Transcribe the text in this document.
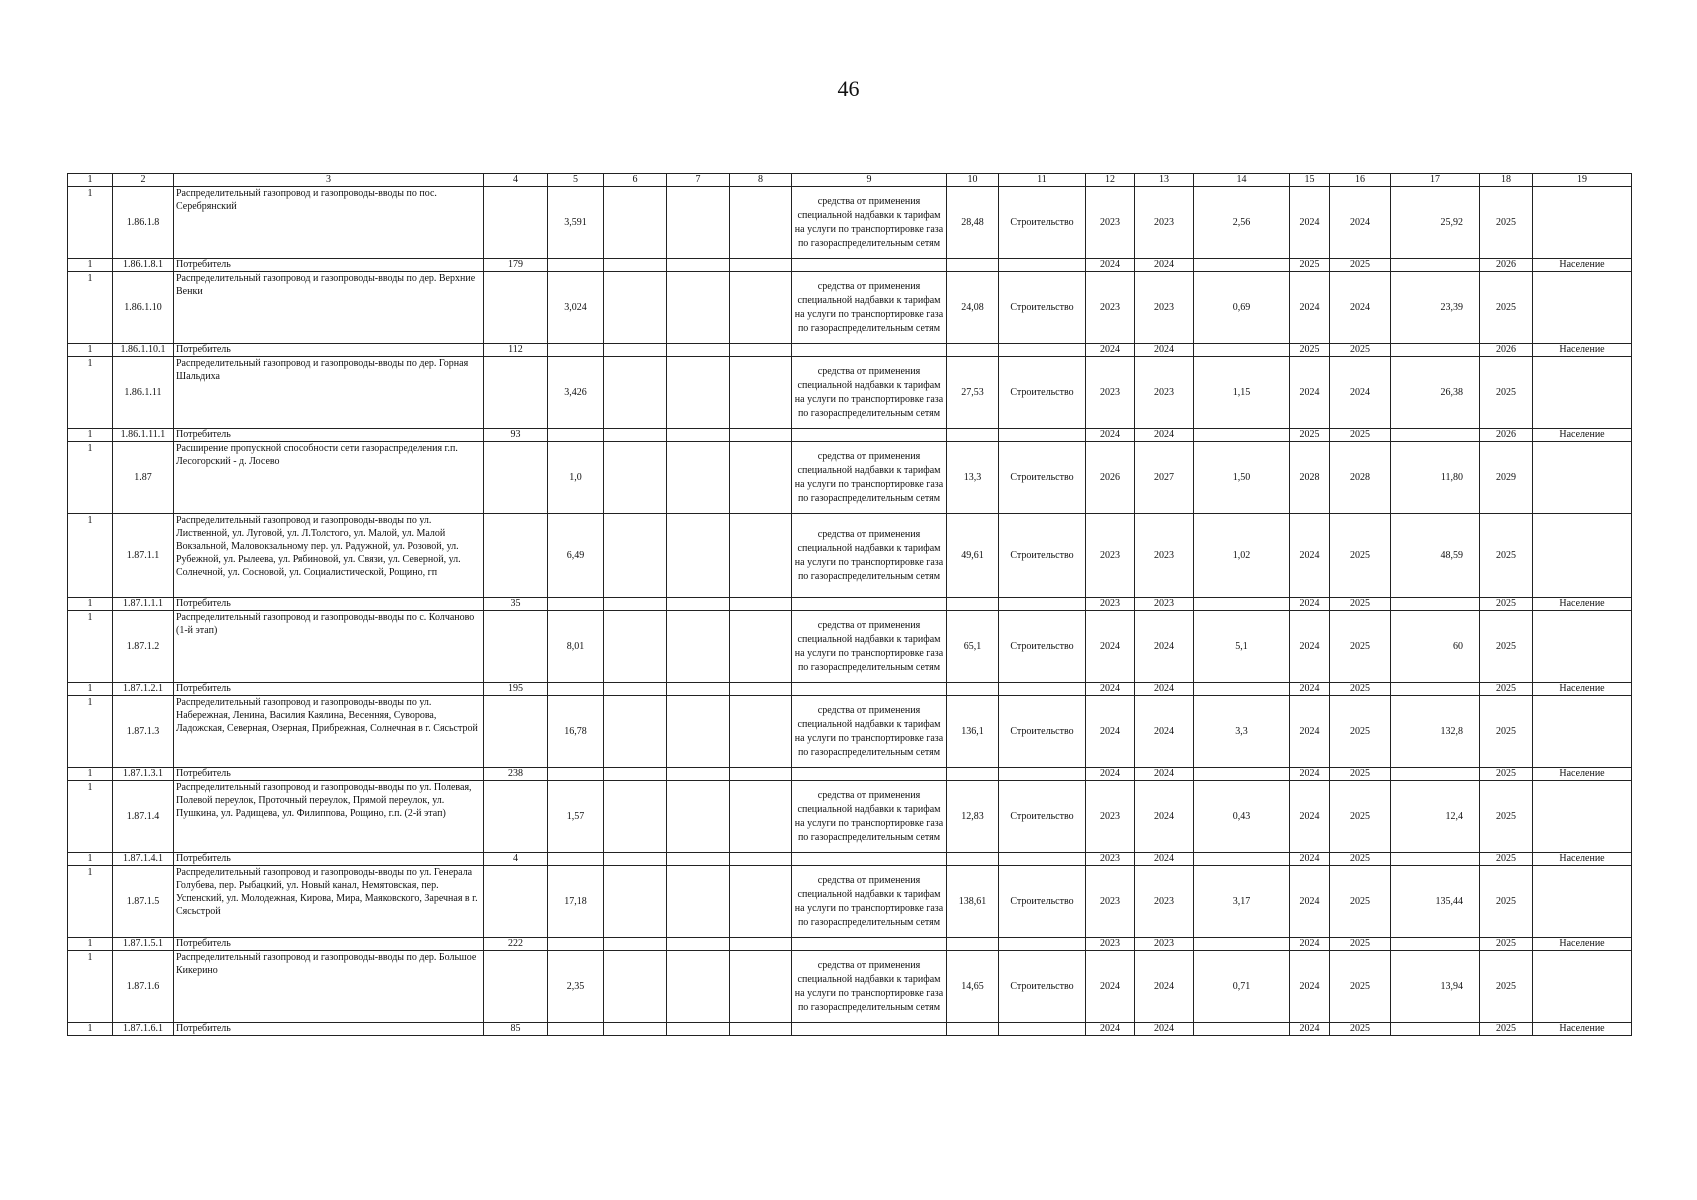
46
1	2	3	4	5	6	7	8	9	10	11	12	13	14	15	16	17	18	19
1	1.86.1.8	Распределительный газопровод и газопроводы-вводы по пос. Серебрянский		3,591				средства от применения специальной надбавки к тарифам на услуги по транспортировке газа по газораспределительным сетям	28,48	Строительство	2023	2023	2,56	2024	2024	25,92	2025	
1	1.86.1.8.1	Потребитель	179								2024	2024		2025	2025		2026	Население
1	1.86.1.10	Распределительный газопровод и газопроводы-вводы по дер. Верхние Венки		3,024				средства от применения специальной надбавки к тарифам на услуги по транспортировке газа по газораспределительным сетям	24,08	Строительство	2023	2023	0,69	2024	2024	23,39	2025	
1	1.86.1.10.1	Потребитель	112								2024	2024		2025	2025		2026	Население
1	1.86.1.11	Распределительный газопровод и газопроводы-вводы по дер. Горная Шальдиха		3,426				средства от применения специальной надбавки к тарифам на услуги по транспортировке газа по газораспределительным сетям	27,53	Строительство	2023	2023	1,15	2024	2024	26,38	2025	
1	1.86.1.11.1	Потребитель	93								2024	2024		2025	2025		2026	Население
1	1.87	Расширение пропускной способности сети газораспределения г.п. Лесогорский - д. Лосево		1,0				средства от применения специальной надбавки к тарифам на услуги по транспортировке газа по газораспределительным сетям	13,3	Строительство	2026	2027	1,50	2028	2028	11,80	2029	
1	1.87.1.1	Распределительный газопровод и газопроводы-вводы по ул. Лиственной, ул. Луговой, ул. Л.Толстого, ул. Малой, ул. Малой Вокзальной, Маловокзальному пер. ул. Радужной, ул. Розовой, ул. Рубежной, ул. Рылеева, ул. Рябиновой, ул. Связи, ул. Северной, ул. Солнечной, ул. Сосновой, ул. Социалистической, Рощино, гп		6,49				средства от применения специальной надбавки к тарифам на услуги по транспортировке газа по газораспределительным сетям	49,61	Строительство	2023	2023	1,02	2024	2025	48,59	2025	
1	1.87.1.1.1	Потребитель	35								2023	2023		2024	2025		2025	Население
1	1.87.1.2	Распределительный газопровод и газопроводы-вводы по с. Колчаново (1-й этап)		8,01				средства от применения специальной надбавки к тарифам на услуги по транспортировке газа по газораспределительным сетям	65,1	Строительство	2024	2024	5,1	2024	2025	60	2025	
1	1.87.1.2.1	Потребитель	195								2024	2024		2024	2025		2025	Население
1	1.87.1.3	Распределительный газопровод и газопроводы-вводы по ул. Набережная, Ленина, Василия Каялина, Весенняя, Суворова, Ладожская, Северная, Озерная, Прибрежная, Солнечная в г. Сясьстрой		16,78				средства от применения специальной надбавки к тарифам на услуги по транспортировке газа по газораспределительным сетям	136,1	Строительство	2024	2024	3,3	2024	2025	132,8	2025	
1	1.87.1.3.1	Потребитель	238								2024	2024		2024	2025		2025	Население
1	1.87.1.4	Распределительный газопровод и газопроводы-вводы по ул. Полевая, Полевой переулок, Проточный переулок, Прямой переулок, ул. Пушкина, ул. Радищева, ул. Филиппова, Рощино, г.п. (2-й этап)		1,57				средства от применения специальной надбавки к тарифам на услуги по транспортировке газа по газораспределительным сетям	12,83	Строительство	2023	2024	0,43	2024	2025	12,4	2025	
1	1.87.1.4.1	Потребитель	4								2023	2024		2024	2025		2025	Население
1	1.87.1.5	Распределительный газопровод и газопроводы-вводы по ул. Генерала Голубева, пер. Рыбацкий, ул. Новый канал, Немятовская, пер. Успенский, ул. Молодежная, Кирова, Мира, Маяковского, Заречная в г. Сясьстрой		17,18				средства от применения специальной надбавки к тарифам на услуги по транспортировке газа по газораспределительным сетям	138,61	Строительство	2023	2023	3,17	2024	2025	135,44	2025	
1	1.87.1.5.1	Потребитель	222								2023	2023		2024	2025		2025	Население
1	1.87.1.6	Распределительный газопровод и газопроводы-вводы по дер. Большое Кикерино		2,35				средства от применения специальной надбавки к тарифам на услуги по транспортировке газа по газораспределительным сетям	14,65	Строительство	2024	2024	0,71	2024	2025	13,94	2025	
1	1.87.1.6.1	Потребитель	85								2024	2024		2024	2025		2025	Население
